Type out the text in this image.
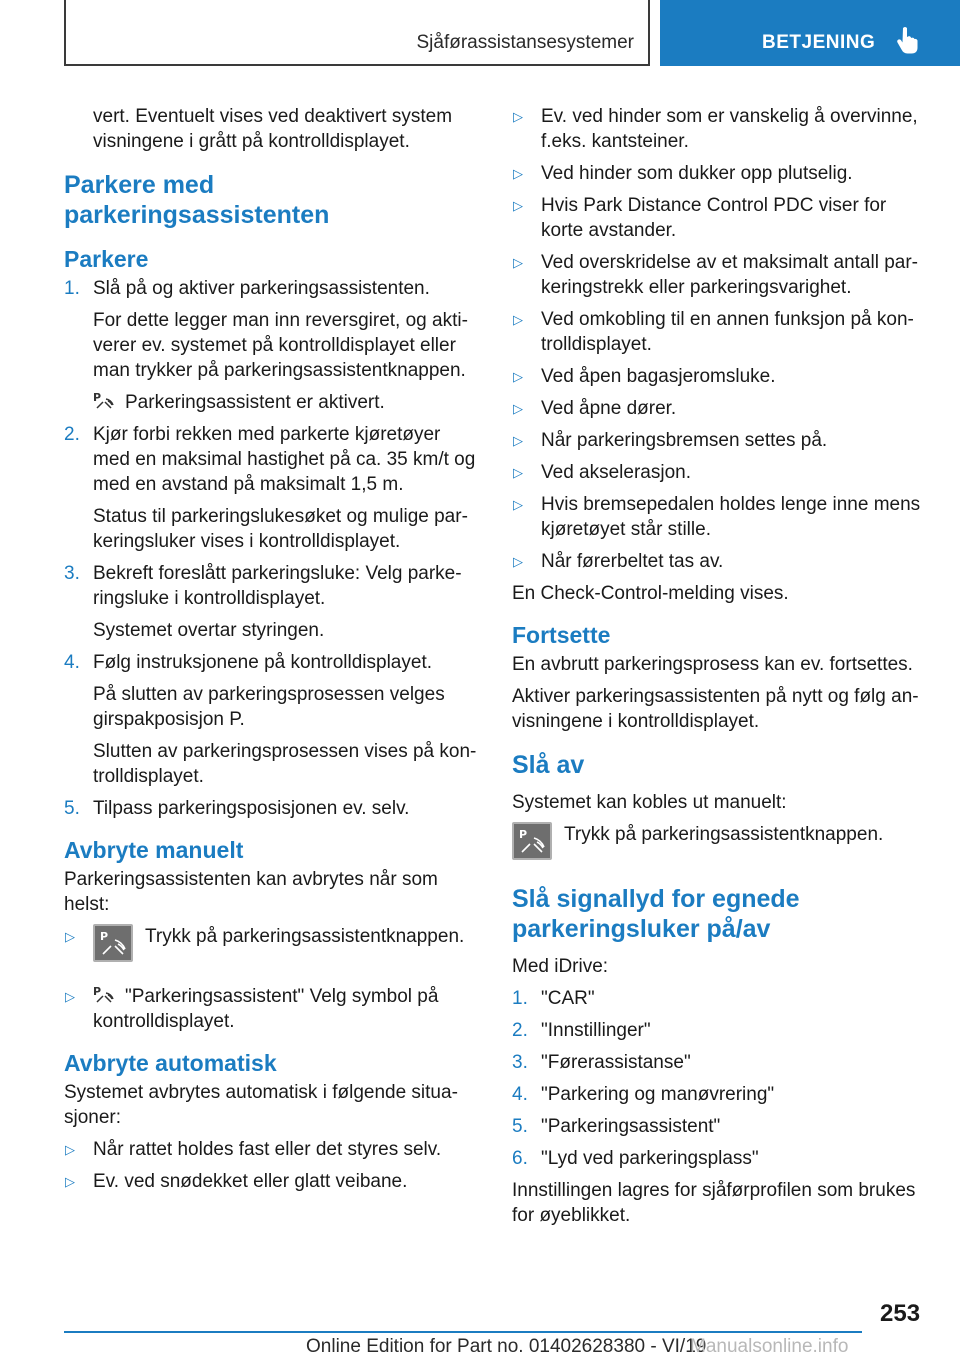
Sjåførassistansesystemer	BETJENING

vert. Eventuelt vises ved deaktivert system visningene i grått på kontrolldisplayet.

Parkere med parkeringsassistenten
Parkere
1. Slå på og aktiver parkeringsassistenten.

For dette legger man inn reversgiret, og aktiverer ev. systemet på kontrolldisplayet eller man trykker på parkeringsassistentknappen.

P Parkeringsassistent er aktivert.

2. Kjør forbi rekken med parkerte kjøretøyer med en maksimal hastighet på ca. 35 km/t og med en avstand på maksimalt 1,5 m.

Status til parkeringslukesøket og mulige parkeringsluker vises i kontrolldisplayet.

3. Bekreft foreslått parkeringsluke: Velg parkeringsluke i kontrolldisplayet.

Systemet overtar styringen.

4. Følg instruksjonene på kontrolldisplayet.

På slutten av parkeringsprosessen velges girspakposisjon P.

Slutten av parkeringsprosessen vises på kontrolldisplayet.

5. Tilpass parkeringsposisjonen ev. selv.

Avbryte manuelt

Parkeringsassistenten kan avbrytes når som helst:

▷ P Trykk på parkeringsassistentknappen.
▷ P "Parkeringsassistent" Velg symbol på kontrolldisplayet.
Avbryte automatisk

Systemet avbrytes automatisk i følgende situasjoner:

▷ Når rattet holdes fast eller det styres selv.
▷ Ev. ved snødekket eller glatt veibane.
▷ Ev. ved hinder som er vanskelig å overvinne, f.eks. kantsteiner.
▷ Ved hinder som dukker opp plutselig.
▷ Hvis Park Distance Control PDC viser for korte avstander.
▷ Ved overskridelse av et maksimalt antall parkeringstrekk eller parkeringsvarighet.
▷ Ved omkobling til en annen funksjon på kontrolldisplayet.
▷ Ved åpen bagasjeromsluke.
▷ Ved åpne dører.
▷ Når parkeringsbremsen settes på.
▷ Ved akselerasjon.
▷ Hvis bremsepedalen holdes lenge inne mens kjøretøyet står stille.
▷ Når førerbeltet tas av.

En Check-Control-melding vises.

Fortsette

En avbrutt parkeringsprosess kan ev. fortsettes.

Aktiver parkeringsassistenten på nytt og følg anvisningene i kontrolldisplayet.

Slå av

Systemet kan kobles ut manuelt:

P Trykk på parkeringsassistentknappen.
Slå signallyd for egnede parkeringsluker på/av

Med iDrive:

1. "CAR"
2. "Innstillinger"
3. "Førerassistanse"
4. "Parkering og manøvrering"
5. "Parkeringsassistent"
6. "Lyd ved parkeringsplass"

Innstillingen lagres for sjåførprofilen som brukes for øyeblikket.

253
Online Edition for Part no. 01402628380 - VI/19
Manualsonline.info
